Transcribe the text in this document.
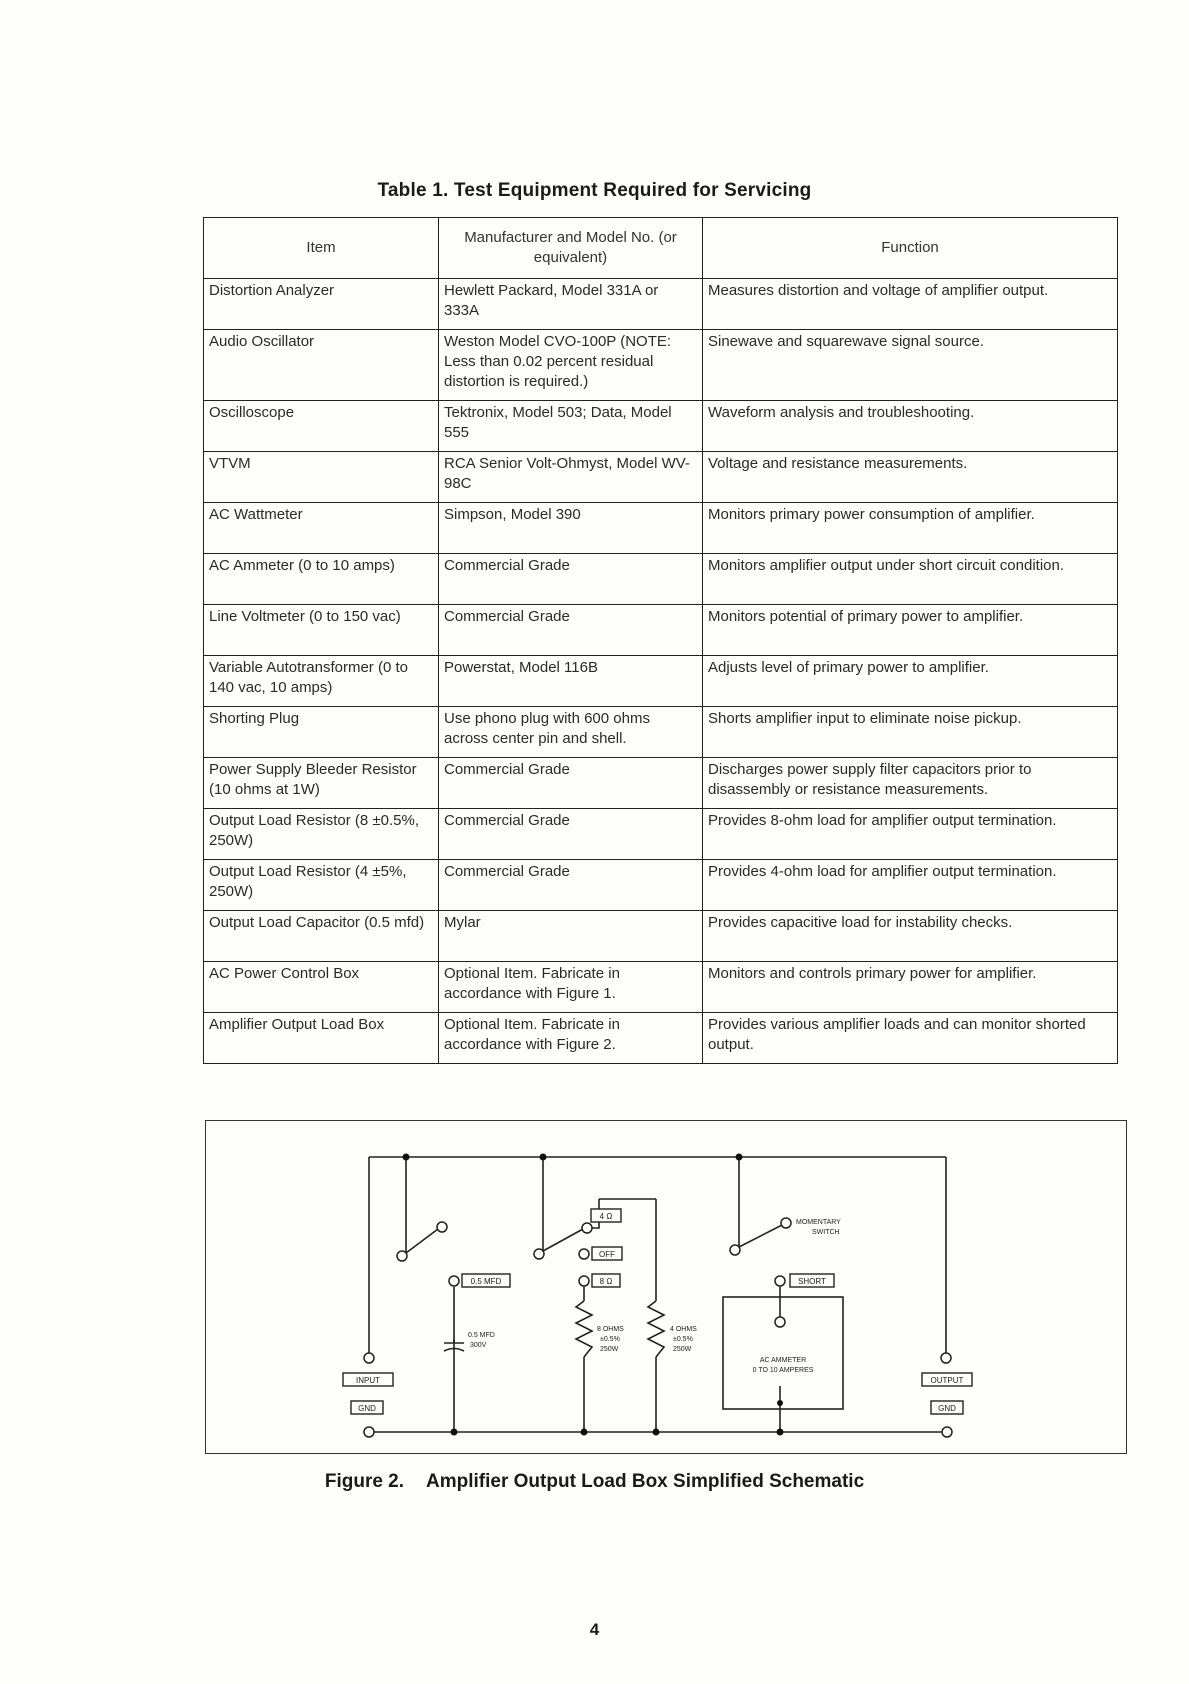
Table 1. Test Equipment Required for Servicing
Item	Manufacturer and Model No. (or equivalent)	Function
Distortion Analyzer	Hewlett Packard, Model 331A or 333A	Measures distortion and voltage of amplifier output.
Audio Oscillator	Weston Model CVO-100P (NOTE: Less than 0.02 percent residual distortion is required.)	Sinewave and squarewave signal source.
Oscilloscope	Tektronix, Model 503; Data, Model 555	Waveform analysis and troubleshooting.
VTVM	RCA Senior Volt-Ohmyst, Model WV-98C	Voltage and resistance measurements.
AC Wattmeter	Simpson, Model 390	Monitors primary power consumption of amplifier.
AC Ammeter (0 to 10 amps)	Commercial Grade	Monitors amplifier output under short circuit condition.
Line Voltmeter (0 to 150 vac)	Commercial Grade	Monitors potential of primary power to amplifier.
Variable Autotransformer (0 to 140 vac, 10 amps)	Powerstat, Model 116B	Adjusts level of primary power to amplifier.
Shorting Plug	Use phono plug with 600 ohms across center pin and shell.	Shorts amplifier input to eliminate noise pickup.
Power Supply Bleeder Resistor (10 ohms at 1W)	Commercial Grade	Discharges power supply filter capacitors prior to disassembly or resistance measurements.
Output Load Resistor (8 ±0.5%, 250W)	Commercial Grade	Provides 8-ohm load for amplifier output termination.
Output Load Resistor (4 ±5%, 250W)	Commercial Grade	Provides 4-ohm load for amplifier output termination.
Output Load Capacitor (0.5 mfd)	Mylar	Provides capacitive load for instability checks.
AC Power Control Box	Optional Item. Fabricate in accordance with Figure 1.	Monitors and controls primary power for amplifier.
Amplifier Output Load Box	Optional Item. Fabricate in accordance with Figure 2.	Provides various amplifier loads and can monitor shorted output.
INPUT
GND
0.5 MFD
4 Ω
OFF
8 Ω	SHORT
OUTPUT
GND
0.5 MFD
300V
8 OHMS
±0.5%
250W
4 OHMS
±0.5%
250W
MOMENTARY
SWITCH
AC AMMETER
0 TO 10 AMPERES

Figure 2. Amplifier Output Load Box Simplified Schematic

4
